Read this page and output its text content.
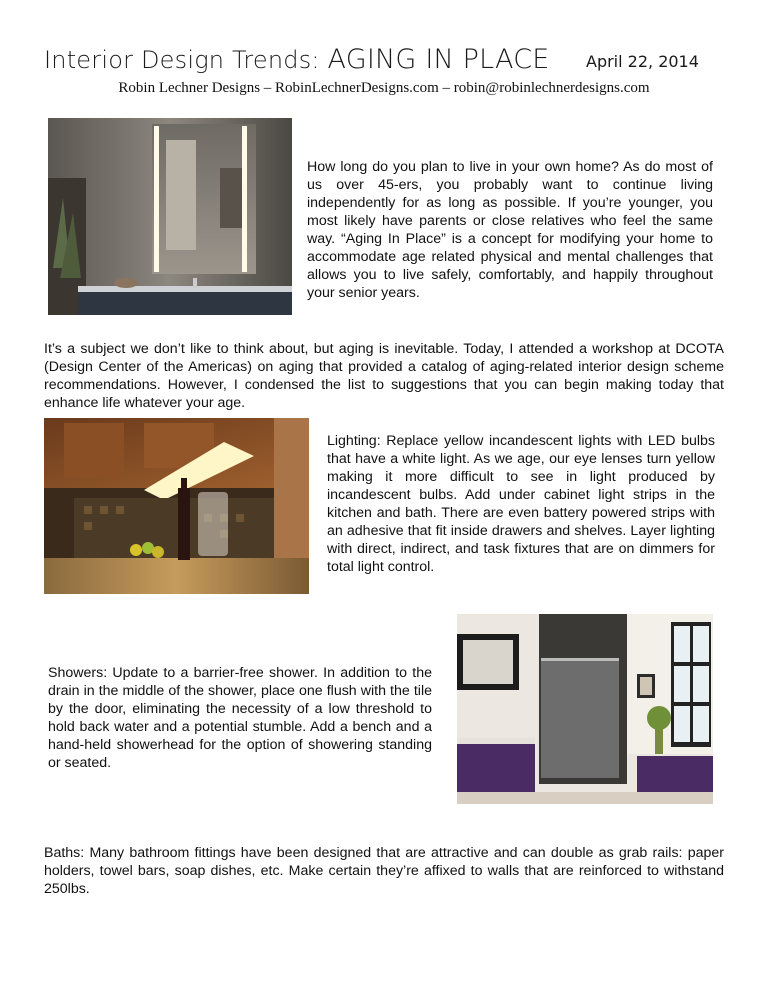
Interior Design Trends: AGING IN PLACE	April 22, 2014
Robin Lechner Designs – RobinLechnerDesigns.com – robin@robinlechnerdesigns.com

How long do you plan to live in your own home? As do most of us over 45-ers, you probably want to continue living independently for as long as possible. If you’re younger, you most likely have parents or close relatives who feel the same way. “Aging In Place” is a concept for modifying your home to accommodate age related physical and mental challenges that allows you to live safely, comfortably, and happily throughout your senior years.

It’s a subject we don’t like to think about, but aging is inevitable. Today, I attended a workshop at DCOTA (Design Center of the Americas) on aging that provided a catalog of aging-related interior design scheme recommendations. However, I condensed the list to suggestions that you can begin making today that enhance life whatever your age.

Lighting: Replace yellow incandescent lights with LED bulbs that have a white light. As we age, our eye lenses turn yellow making it more difficult to see in light produced by incandescent bulbs. Add under cabinet light strips in the kitchen and bath. There are even battery powered strips with an adhesive that fit inside drawers and shelves. Layer lighting with direct, indirect, and task fixtures that are on dimmers for total light control.

Showers: Update to a barrier-free shower. In addition to the drain in the middle of the shower, place one flush with the tile by the door, eliminating the necessity of a low threshold to hold back water and a potential stumble. Add a bench and a hand-held showerhead for the option of showering standing or seated.

Baths: Many bathroom fittings have been designed that are attractive and can double as grab rails: paper holders, towel bars, soap dishes, etc. Make certain they’re affixed to walls that are reinforced to withstand 250lbs.
